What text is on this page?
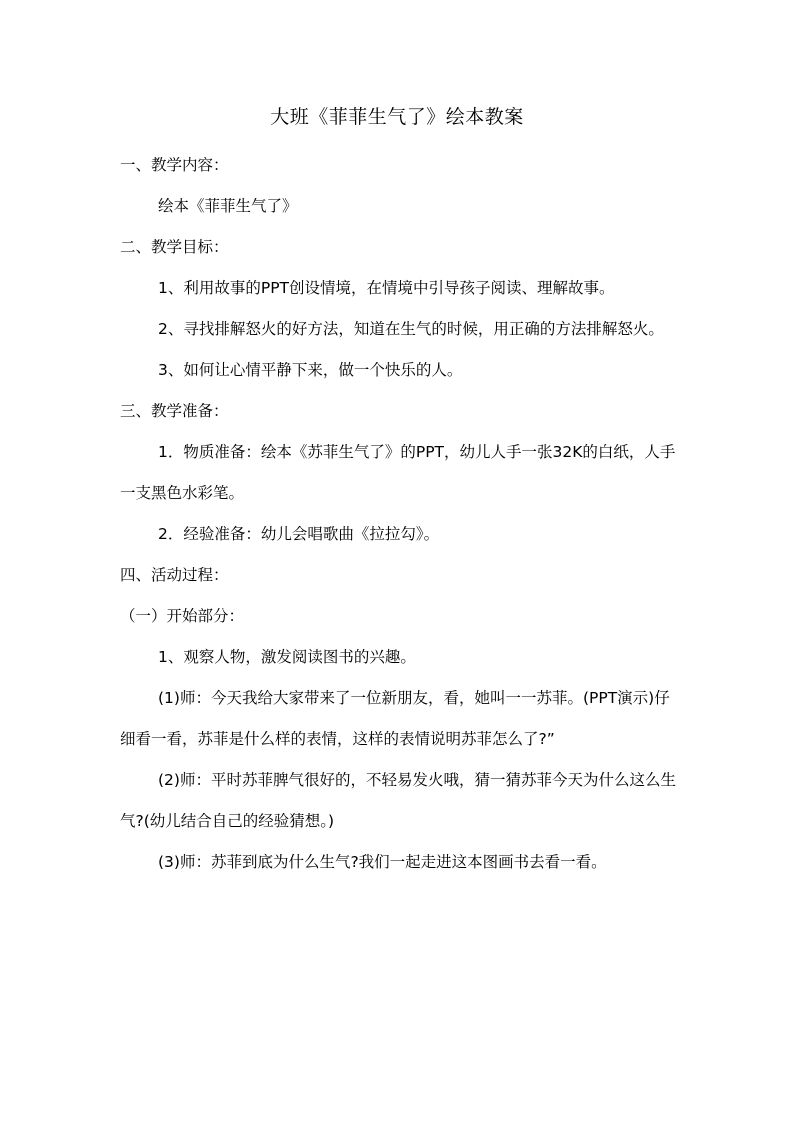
大班《菲菲生气了》绘本教案

一、教学内容：

绘本《菲菲生气了》

二、教学目标：

1、利用故事的PPT创设情境，在情境中引导孩子阅读、理解故事。

2、寻找排解怒火的好方法，知道在生气的时候，用正确的方法排解怒火。

3、如何让心情平静下来，做一个快乐的人。

三、教学准备：

1．物质准备：绘本《苏菲生气了》的PPT，幼儿人手一张32K的白纸，人手一支黑色水彩笔。

2．经验准备：幼儿会唱歌曲《拉拉勾》。

四、活动过程：

（一）开始部分：

1、观察人物，激发阅读图书的兴趣。

(1)师：今天我给大家带来了一位新朋友，看，她叫一一苏菲。(PPT演示)仔细看一看，苏菲是什么样的表情，这样的表情说明苏菲怎么了?”

(2)师：平时苏菲脾气很好的，不轻易发火哦，猜一猜苏菲今天为什么这么生气?(幼儿结合自己的经验猜想。)

(3)师：苏菲到底为什么生气?我们一起走进这本图画书去看一看。
